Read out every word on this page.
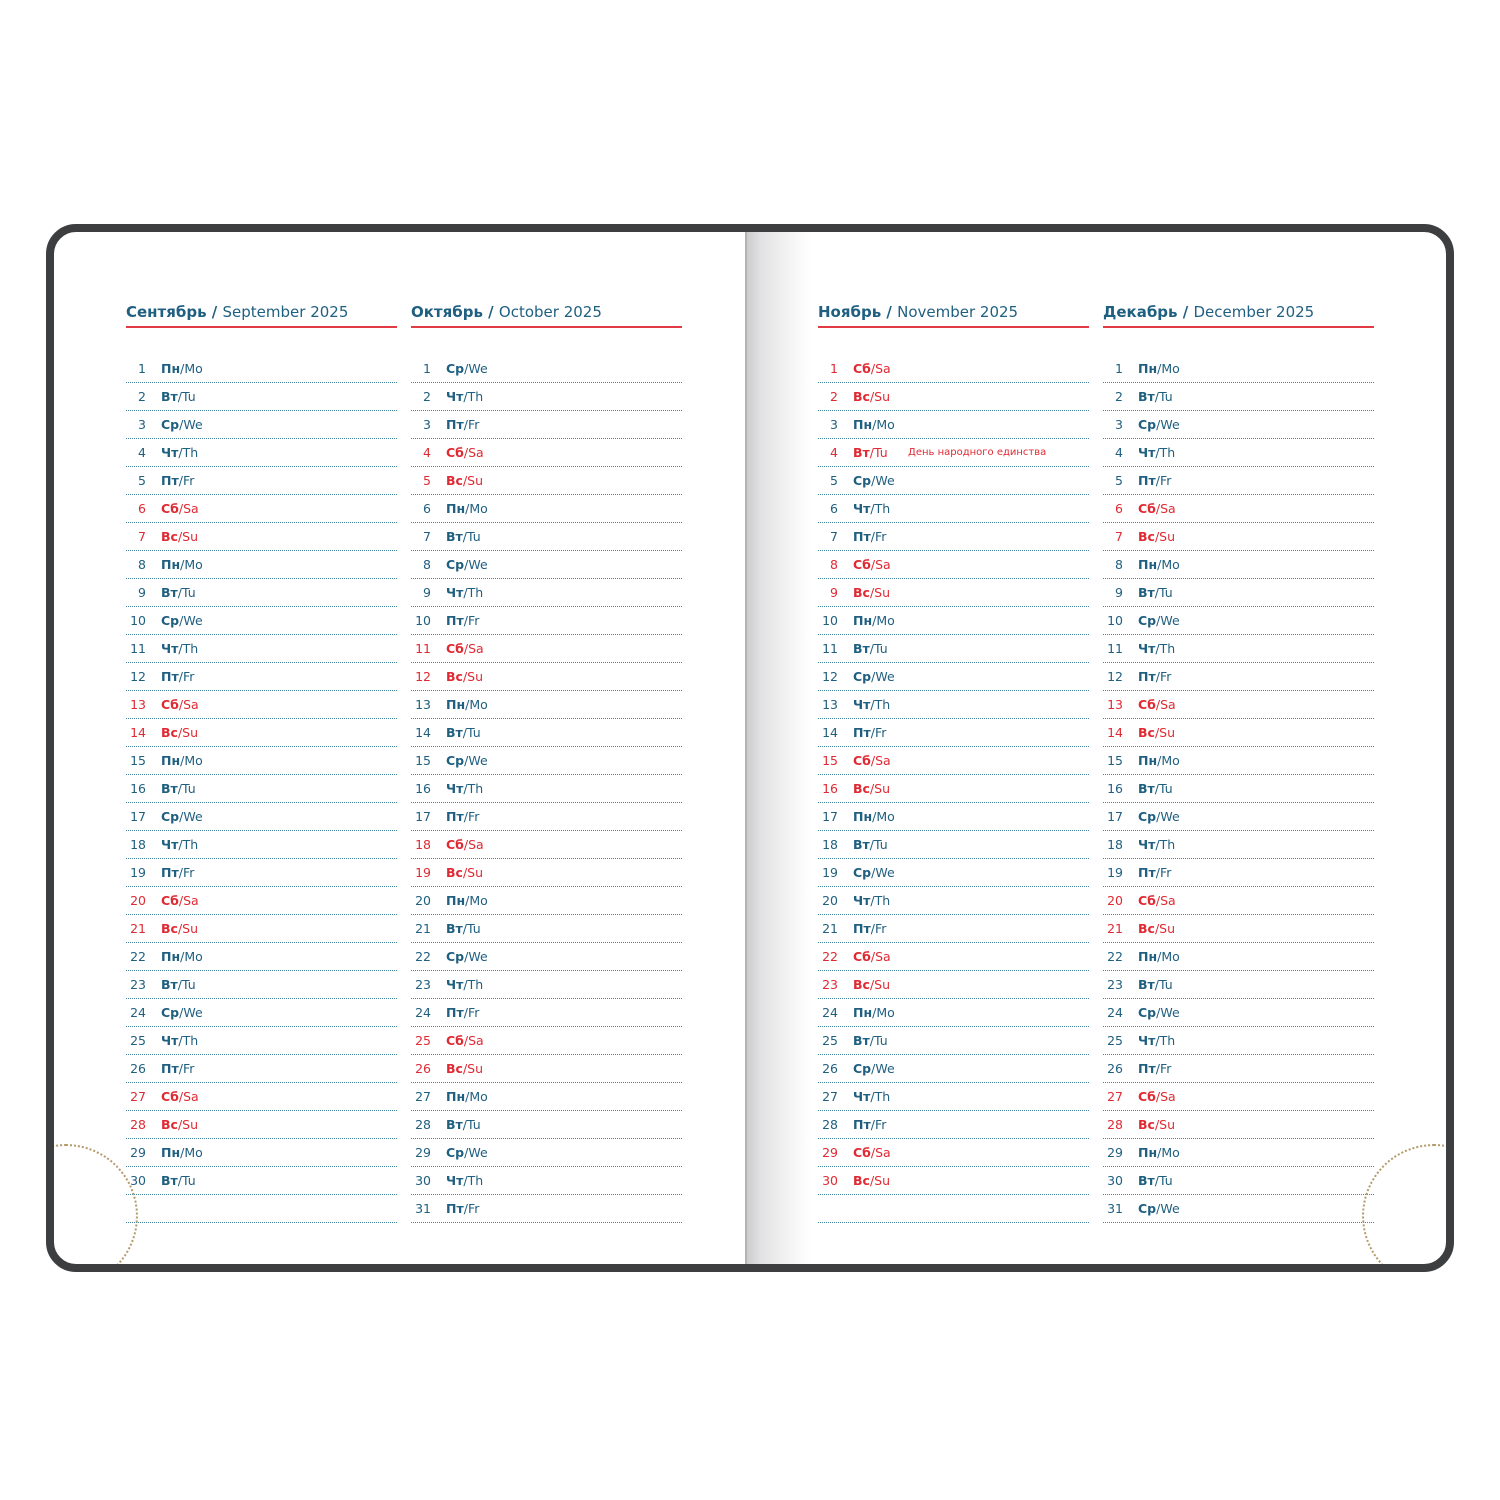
Сентябрь / September 2025
1 Пн/Mo
2 Вт/Tu
3 Ср/We
4 Чт/Th
5 Пт/Fr
6 Сб/Sa
7 Вс/Su
8 Пн/Mo
9 Вт/Tu
10 Ср/We
11 Чт/Th
12 Пт/Fr
13 Сб/Sa
14 Вс/Su
15 Пн/Mo
16 Вт/Tu
17 Ср/We
18 Чт/Th
19 Пт/Fr
20 Сб/Sa
21 Вс/Su
22 Пн/Mo
23 Вт/Tu
24 Ср/We
25 Чт/Th
26 Пт/Fr
27 Сб/Sa
28 Вс/Su
29 Пн/Mo
30 Вт/Tu
Октябрь / October 2025
1 Ср/We
2 Чт/Th
3 Пт/Fr
4 Сб/Sa
5 Вс/Su
6 Пн/Mo
7 Вт/Tu
8 Ср/We
9 Чт/Th
10 Пт/Fr
11 Сб/Sa
12 Вс/Su
13 Пн/Mo
14 Вт/Tu
15 Ср/We
16 Чт/Th
17 Пт/Fr
18 Сб/Sa
19 Вс/Su
20 Пн/Mo
21 Вт/Tu
22 Ср/We
23 Чт/Th
24 Пт/Fr
25 Сб/Sa
26 Вс/Su
27 Пн/Mo
28 Вт/Tu
29 Ср/We
30 Чт/Th
31 Пт/Fr
Ноябрь / November 2025
1 Сб/Sa
2 Вс/Su
3 Пн/Mo
4 Вт/Tu День народного единства
5 Ср/We
6 Чт/Th
7 Пт/Fr
8 Сб/Sa
9 Вс/Su
10 Пн/Mo
11 Вт/Tu
12 Ср/We
13 Чт/Th
14 Пт/Fr
15 Сб/Sa
16 Вс/Su
17 Пн/Mo
18 Вт/Tu
19 Ср/We
20 Чт/Th
21 Пт/Fr
22 Сб/Sa
23 Вс/Su
24 Пн/Mo
25 Вт/Tu
26 Ср/We
27 Чт/Th
28 Пт/Fr
29 Сб/Sa
30 Вс/Su
Декабрь / December 2025
1 Пн/Mo
2 Вт/Tu
3 Ср/We
4 Чт/Th
5 Пт/Fr
6 Сб/Sa
7 Вс/Su
8 Пн/Mo
9 Вт/Tu
10 Ср/We
11 Чт/Th
12 Пт/Fr
13 Сб/Sa
14 Вс/Su
15 Пн/Mo
16 Вт/Tu
17 Ср/We
18 Чт/Th
19 Пт/Fr
20 Сб/Sa
21 Вс/Su
22 Пн/Mo
23 Вт/Tu
24 Ср/We
25 Чт/Th
26 Пт/Fr
27 Сб/Sa
28 Вс/Su
29 Пн/Mo
30 Вт/Tu
31 Ср/We
